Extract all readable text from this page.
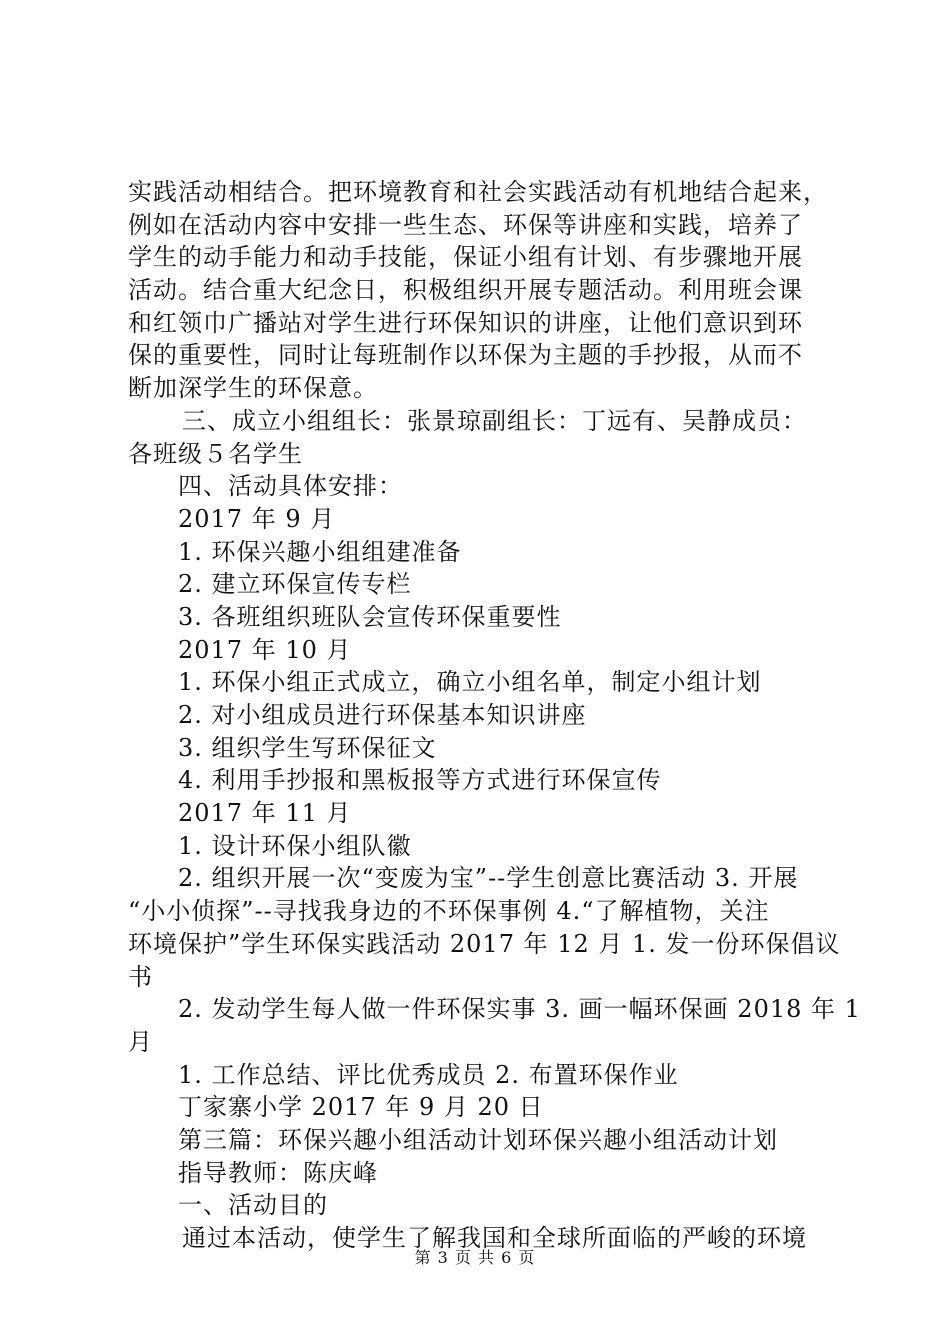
实践活动相结合。把环境教育和社会实践活动有机地结合起来，
例如在活动内容中安排一些生态、环保等讲座和实践，培养了
学生的动手能力和动手技能，保证小组有计划、有步骤地开展
活动。结合重大纪念日，积极组织开展专题活动。利用班会课
和红领巾广播站对学生进行环保知识的讲座，让他们意识到环
保的重要性，同时让每班制作以环保为主题的手抄报，从而不
断加深学生的环保意。
三、成立小组组长：张景琼副组长：丁远有、吴静成员：
各班级５名学生
四、活动具体安排：
2017 年 9 月
1. 环保兴趣小组组建准备
2. 建立环保宣传专栏
3. 各班组织班队会宣传环保重要性
2017 年 10 月
1. 环保小组正式成立，确立小组名单，制定小组计划
2. 对小组成员进行环保基本知识讲座
3. 组织学生写环保征文
4. 利用手抄报和黑板报等方式进行环保宣传
2017 年 11 月
1. 设计环保小组队徽
2. 组织开展一次“变废为宝”--学生创意比赛活动 3. 开展
“小小侦探”--寻找我身边的不环保事例 4.“了解植物，关注
环境保护”学生环保实践活动 2017 年 12 月 1. 发一份环保倡议
书
2. 发动学生每人做一件环保实事 3. 画一幅环保画 2018 年 1
月
1. 工作总结、评比优秀成员 2. 布置环保作业
丁家寨小学 2017 年 9 月 20 日
第三篇：环保兴趣小组活动计划环保兴趣小组活动计划
指导教师：陈庆峰
一、活动目的
通过本活动，使学生了解我国和全球所面临的严峻的环境
第 3 页 共 6 页
